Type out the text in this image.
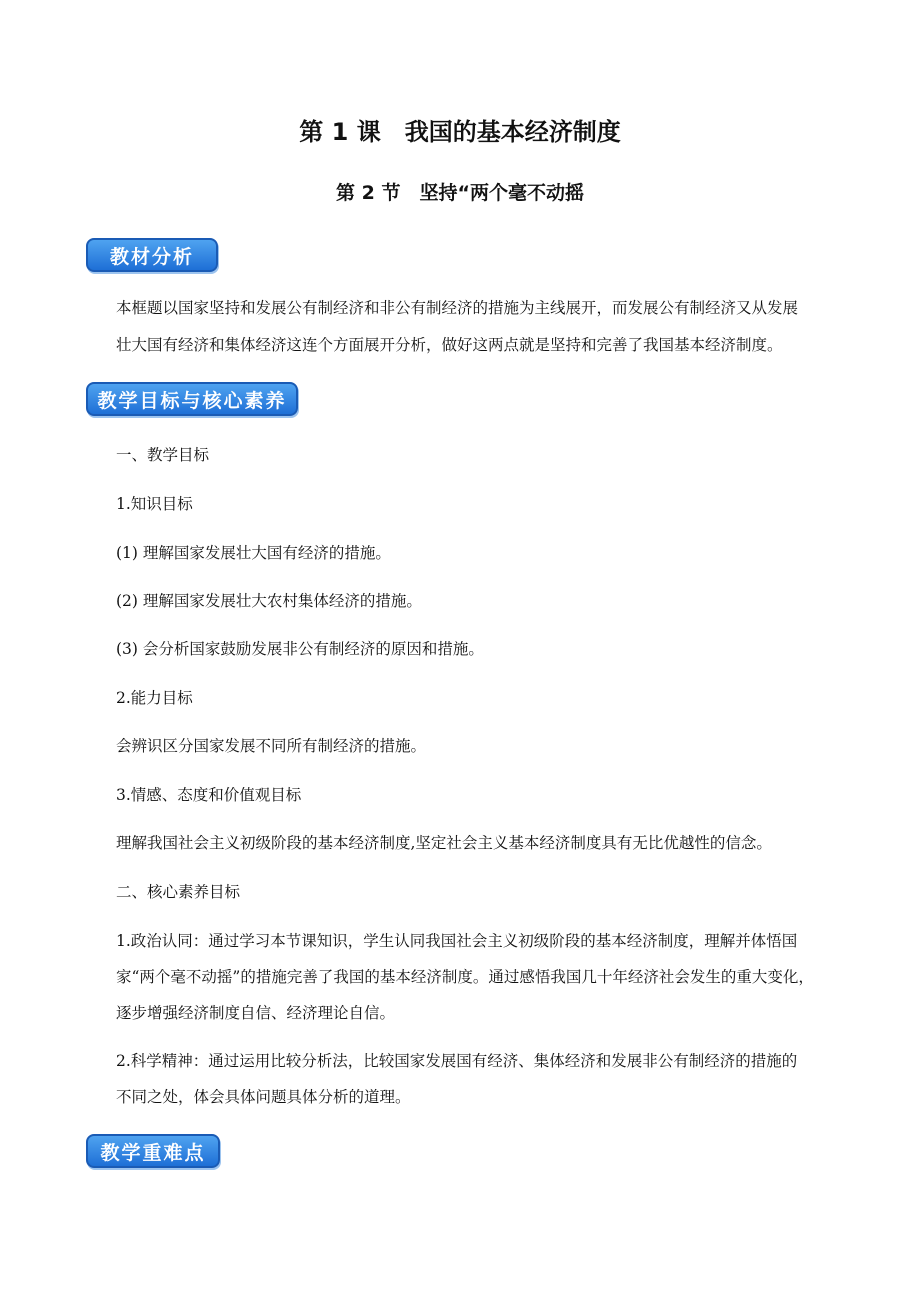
第 1 课　我国的基本经济制度
第 2 节　坚持“两个毫不动摇
教材分析

本框题以国家坚持和发展公有制经济和非公有制经济的措施为主线展开，而发展公有制经济又从发展

壮大国有经济和集体经济这连个方面展开分析，做好这两点就是坚持和完善了我国基本经济制度。

教学目标与核心素养

一、教学目标

1.知识目标

(1) 理解国家发展壮大国有经济的措施。

(2) 理解国家发展壮大农村集体经济的措施。

(3) 会分析国家鼓励发展非公有制经济的原因和措施。

2.能力目标

会辨识区分国家发展不同所有制经济的措施。

3.情感、态度和价值观目标

理解我国社会主义初级阶段的基本经济制度,坚定社会主义基本经济制度具有无比优越性的信念。

二、核心素养目标

1.政治认同：通过学习本节课知识，学生认同我国社会主义初级阶段的基本经济制度，理解并体悟国

家“两个毫不动摇”的措施完善了我国的基本经济制度。通过感悟我国几十年经济社会发生的重大变化，

逐步增强经济制度自信、经济理论自信。

2.科学精神：通过运用比较分析法，比较国家发展国有经济、集体经济和发展非公有制经济的措施的

不同之处，体会具体问题具体分析的道理。

教学重难点
